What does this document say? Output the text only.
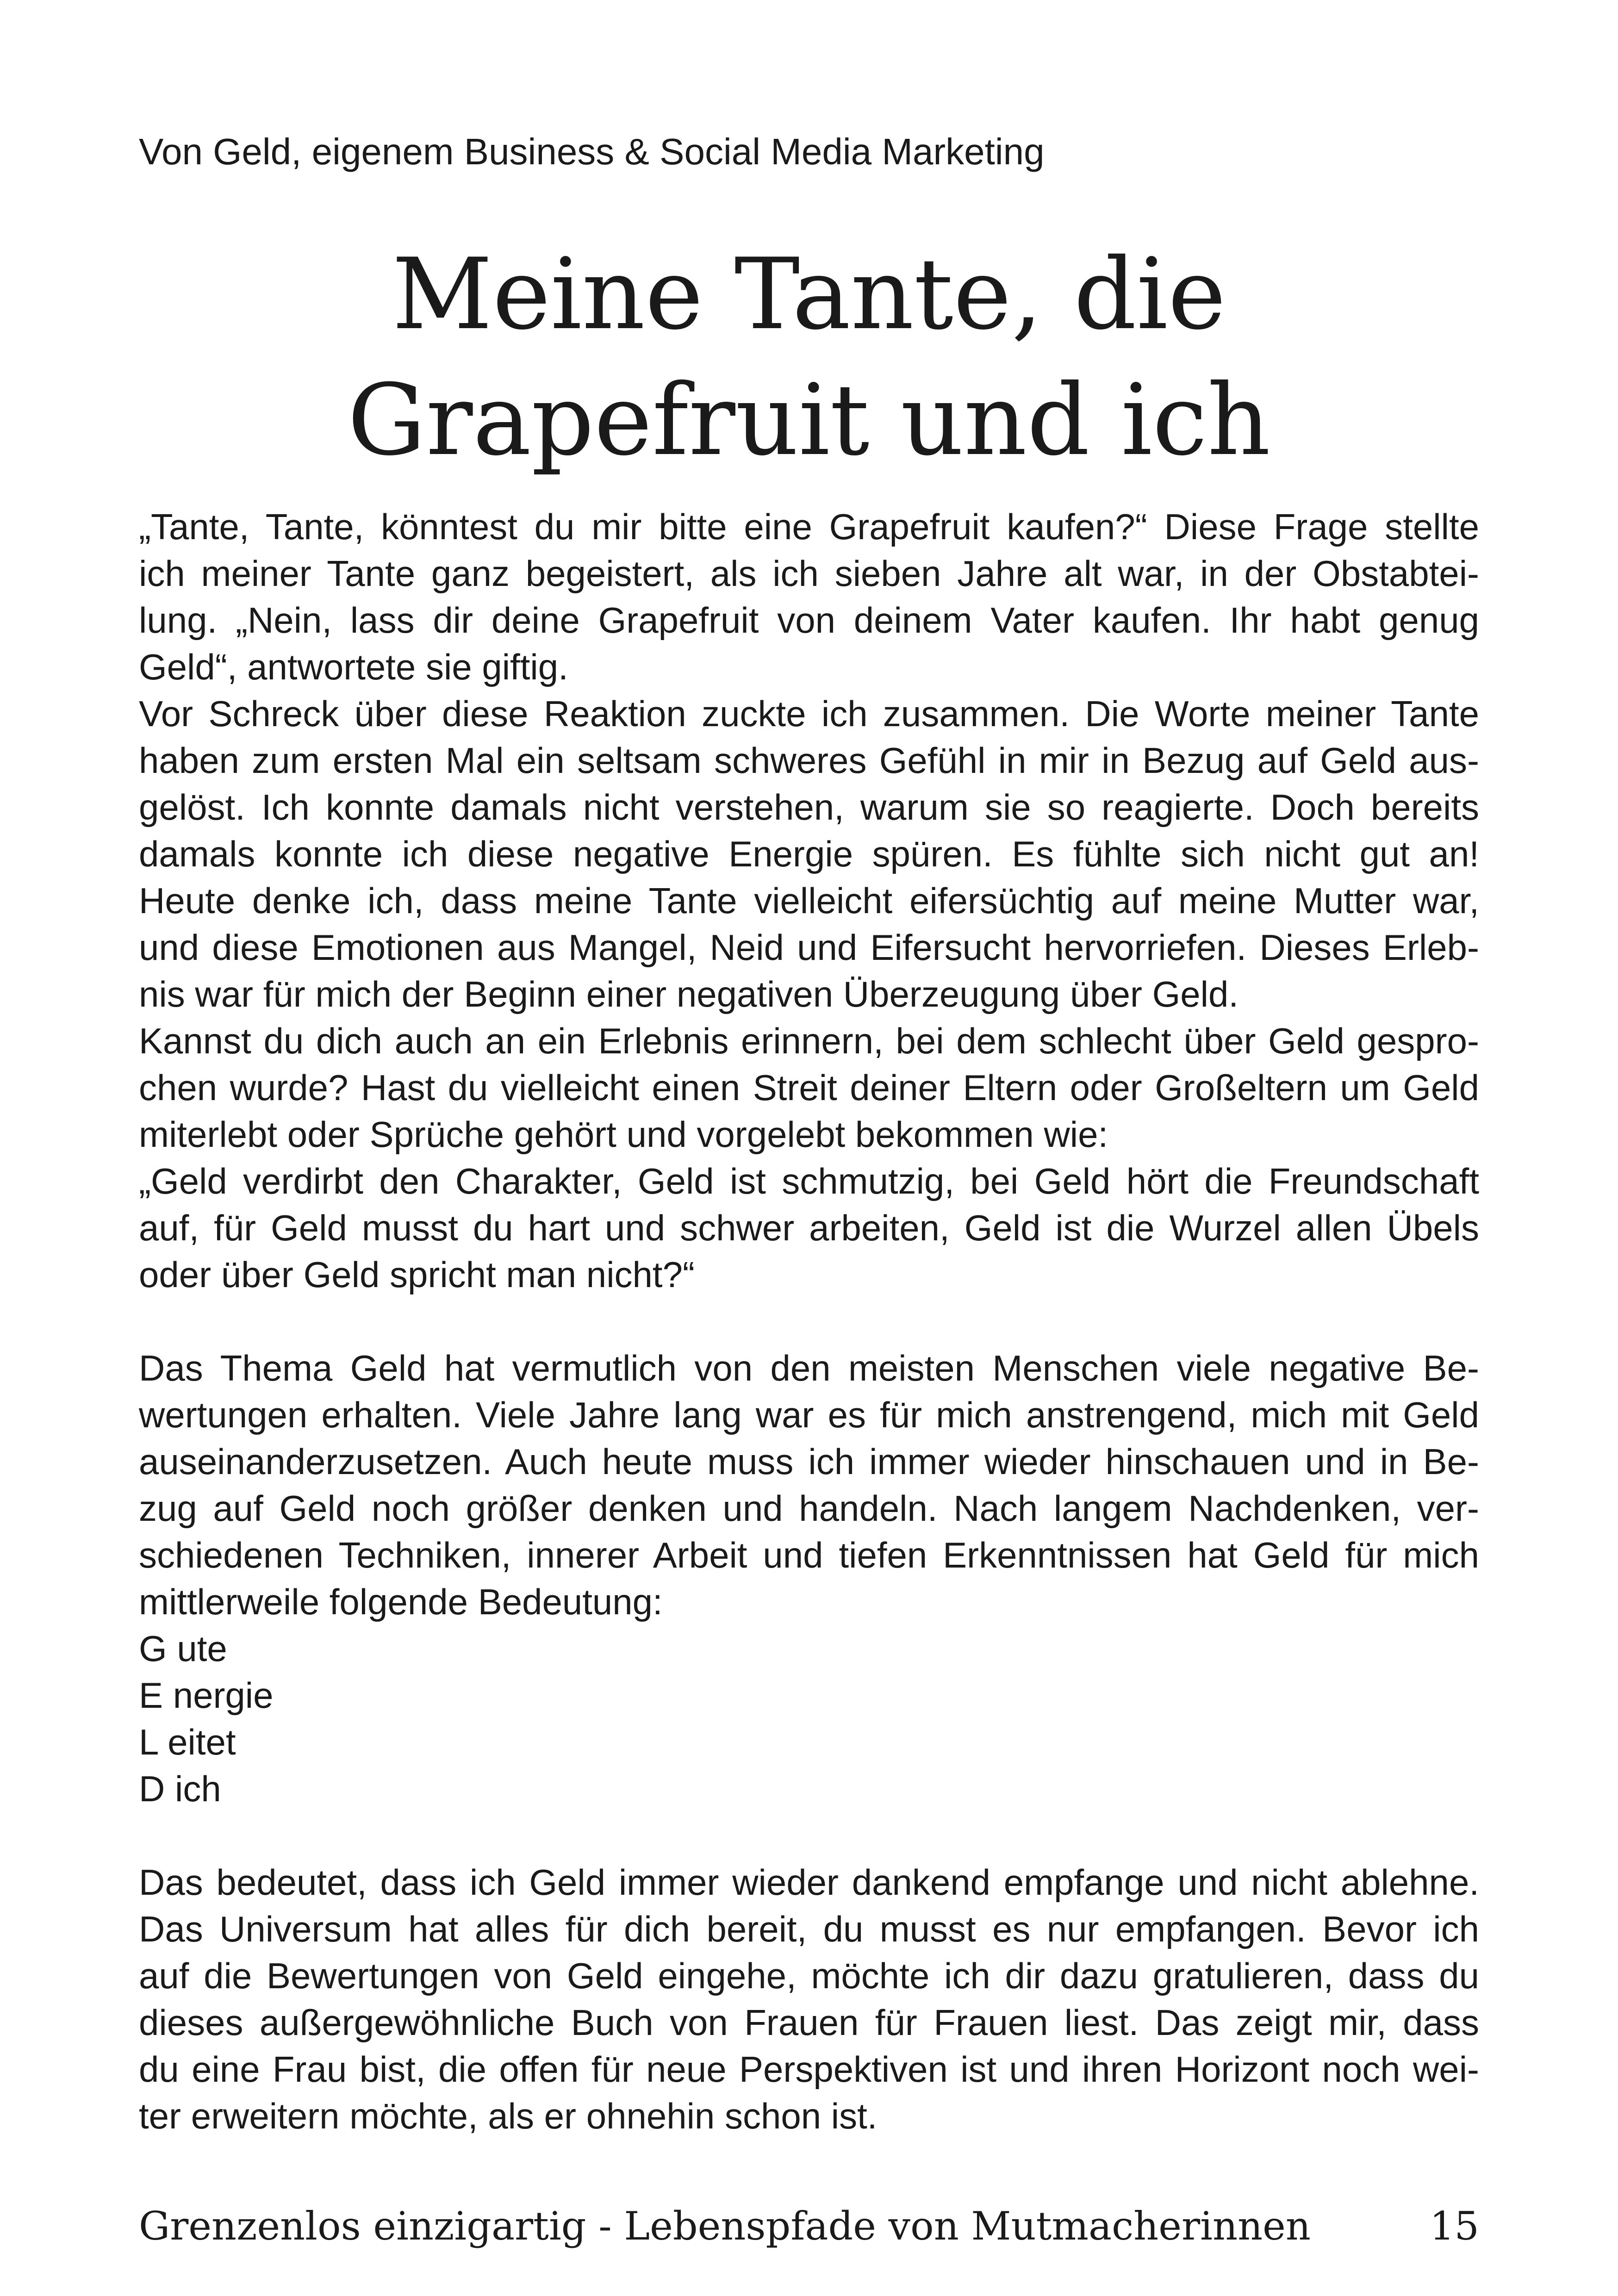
Von Geld, eigenem Business & Social Media Marketing
Meine Tante, die
Grapefruit und ich
„Tante, Tante, könntest du mir bitte eine Grapefruit kaufen?“ Diese Frage stellte
ich meiner Tante ganz begeistert, als ich sieben Jahre alt war, in der Obstabtei-
lung. „Nein, lass dir deine Grapefruit von deinem Vater kaufen. Ihr habt genug
Geld“, antwortete sie giftig.
Vor Schreck über diese Reaktion zuckte ich zusammen. Die Worte meiner Tante
haben zum ersten Mal ein seltsam schweres Gefühl in mir in Bezug auf Geld aus-
gelöst. Ich konnte damals nicht verstehen, warum sie so reagierte. Doch bereits
damals konnte ich diese negative Energie spüren. Es fühlte sich nicht gut an!
Heute denke ich, dass meine Tante vielleicht eifersüchtig auf meine Mutter war,
und diese Emotionen aus Mangel, Neid und Eifersucht hervorriefen. Dieses Erleb-
nis war für mich der Beginn einer negativen Überzeugung über Geld.
Kannst du dich auch an ein Erlebnis erinnern, bei dem schlecht über Geld gespro-
chen wurde? Hast du vielleicht einen Streit deiner Eltern oder Großeltern um Geld
miterlebt oder Sprüche gehört und vorgelebt bekommen wie:
„Geld verdirbt den Charakter, Geld ist schmutzig, bei Geld hört die Freundschaft
auf, für Geld musst du hart und schwer arbeiten, Geld ist die Wurzel allen Übels
oder über Geld spricht man nicht?“
Das Thema Geld hat vermutlich von den meisten Menschen viele negative Be-
wertungen erhalten. Viele Jahre lang war es für mich anstrengend, mich mit Geld
auseinanderzusetzen. Auch heute muss ich immer wieder hinschauen und in Be-
zug auf Geld noch größer denken und handeln. Nach langem Nachdenken, ver-
schiedenen Techniken, innerer Arbeit und tiefen Erkenntnissen hat Geld für mich
mittlerweile folgende Bedeutung:
G ute
E nergie
L eitet
D ich
Das bedeutet, dass ich Geld immer wieder dankend empfange und nicht ablehne.
Das Universum hat alles für dich bereit, du musst es nur empfangen. Bevor ich
auf die Bewertungen von Geld eingehe, möchte ich dir dazu gratulieren, dass du
dieses außergewöhnliche Buch von Frauen für Frauen liest. Das zeigt mir, dass
du eine Frau bist, die offen für neue Perspektiven ist und ihren Horizont noch wei-
ter erweitern möchte, als er ohnehin schon ist.
Grenzenlos einzigartig - Lebenspfade von Mutmacherinnen	15
